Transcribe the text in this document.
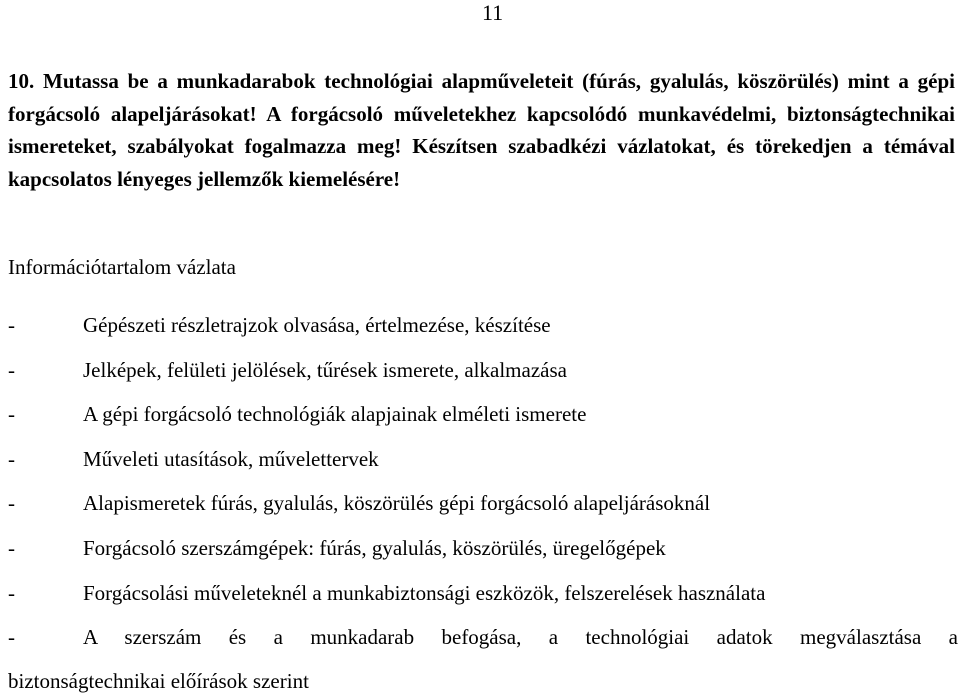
11
10. Mutassa be a munkadarabok technológiai alapműveleteit (fúrás, gyalulás, köszörülés) mint a gépi forgácsoló alapeljárásokat! A forgácsoló műveletekhez kapcsolódó munkavédelmi, biztonságtechnikai ismereteket, szabályokat fogalmazza meg! Készítsen szabadkézi vázlatokat, és törekedjen a témával kapcsolatos lényeges jellemzők kiemelésére!
Információtartalom vázlata
-	Gépészeti részletrajzok olvasása, értelmezése, készítése
-	Jelképek, felületi jelölések, tűrések ismerete, alkalmazása
-	A gépi forgácsoló technológiák alapjainak elméleti ismerete
-	Műveleti utasítások, művelettervek
-	Alapismeretek fúrás, gyalulás, köszörülés gépi forgácsoló alapeljárásoknál
-	Forgácsoló szerszámgépek: fúrás, gyalulás, köszörülés, üregelőgépek
-	Forgácsolási műveleteknél a munkabiztonsági eszközök, felszerelések használata
-	A szerszám és a munkadarab befogása, a technológiai adatok megválasztása a
biztonságtechnikai előírások szerint
